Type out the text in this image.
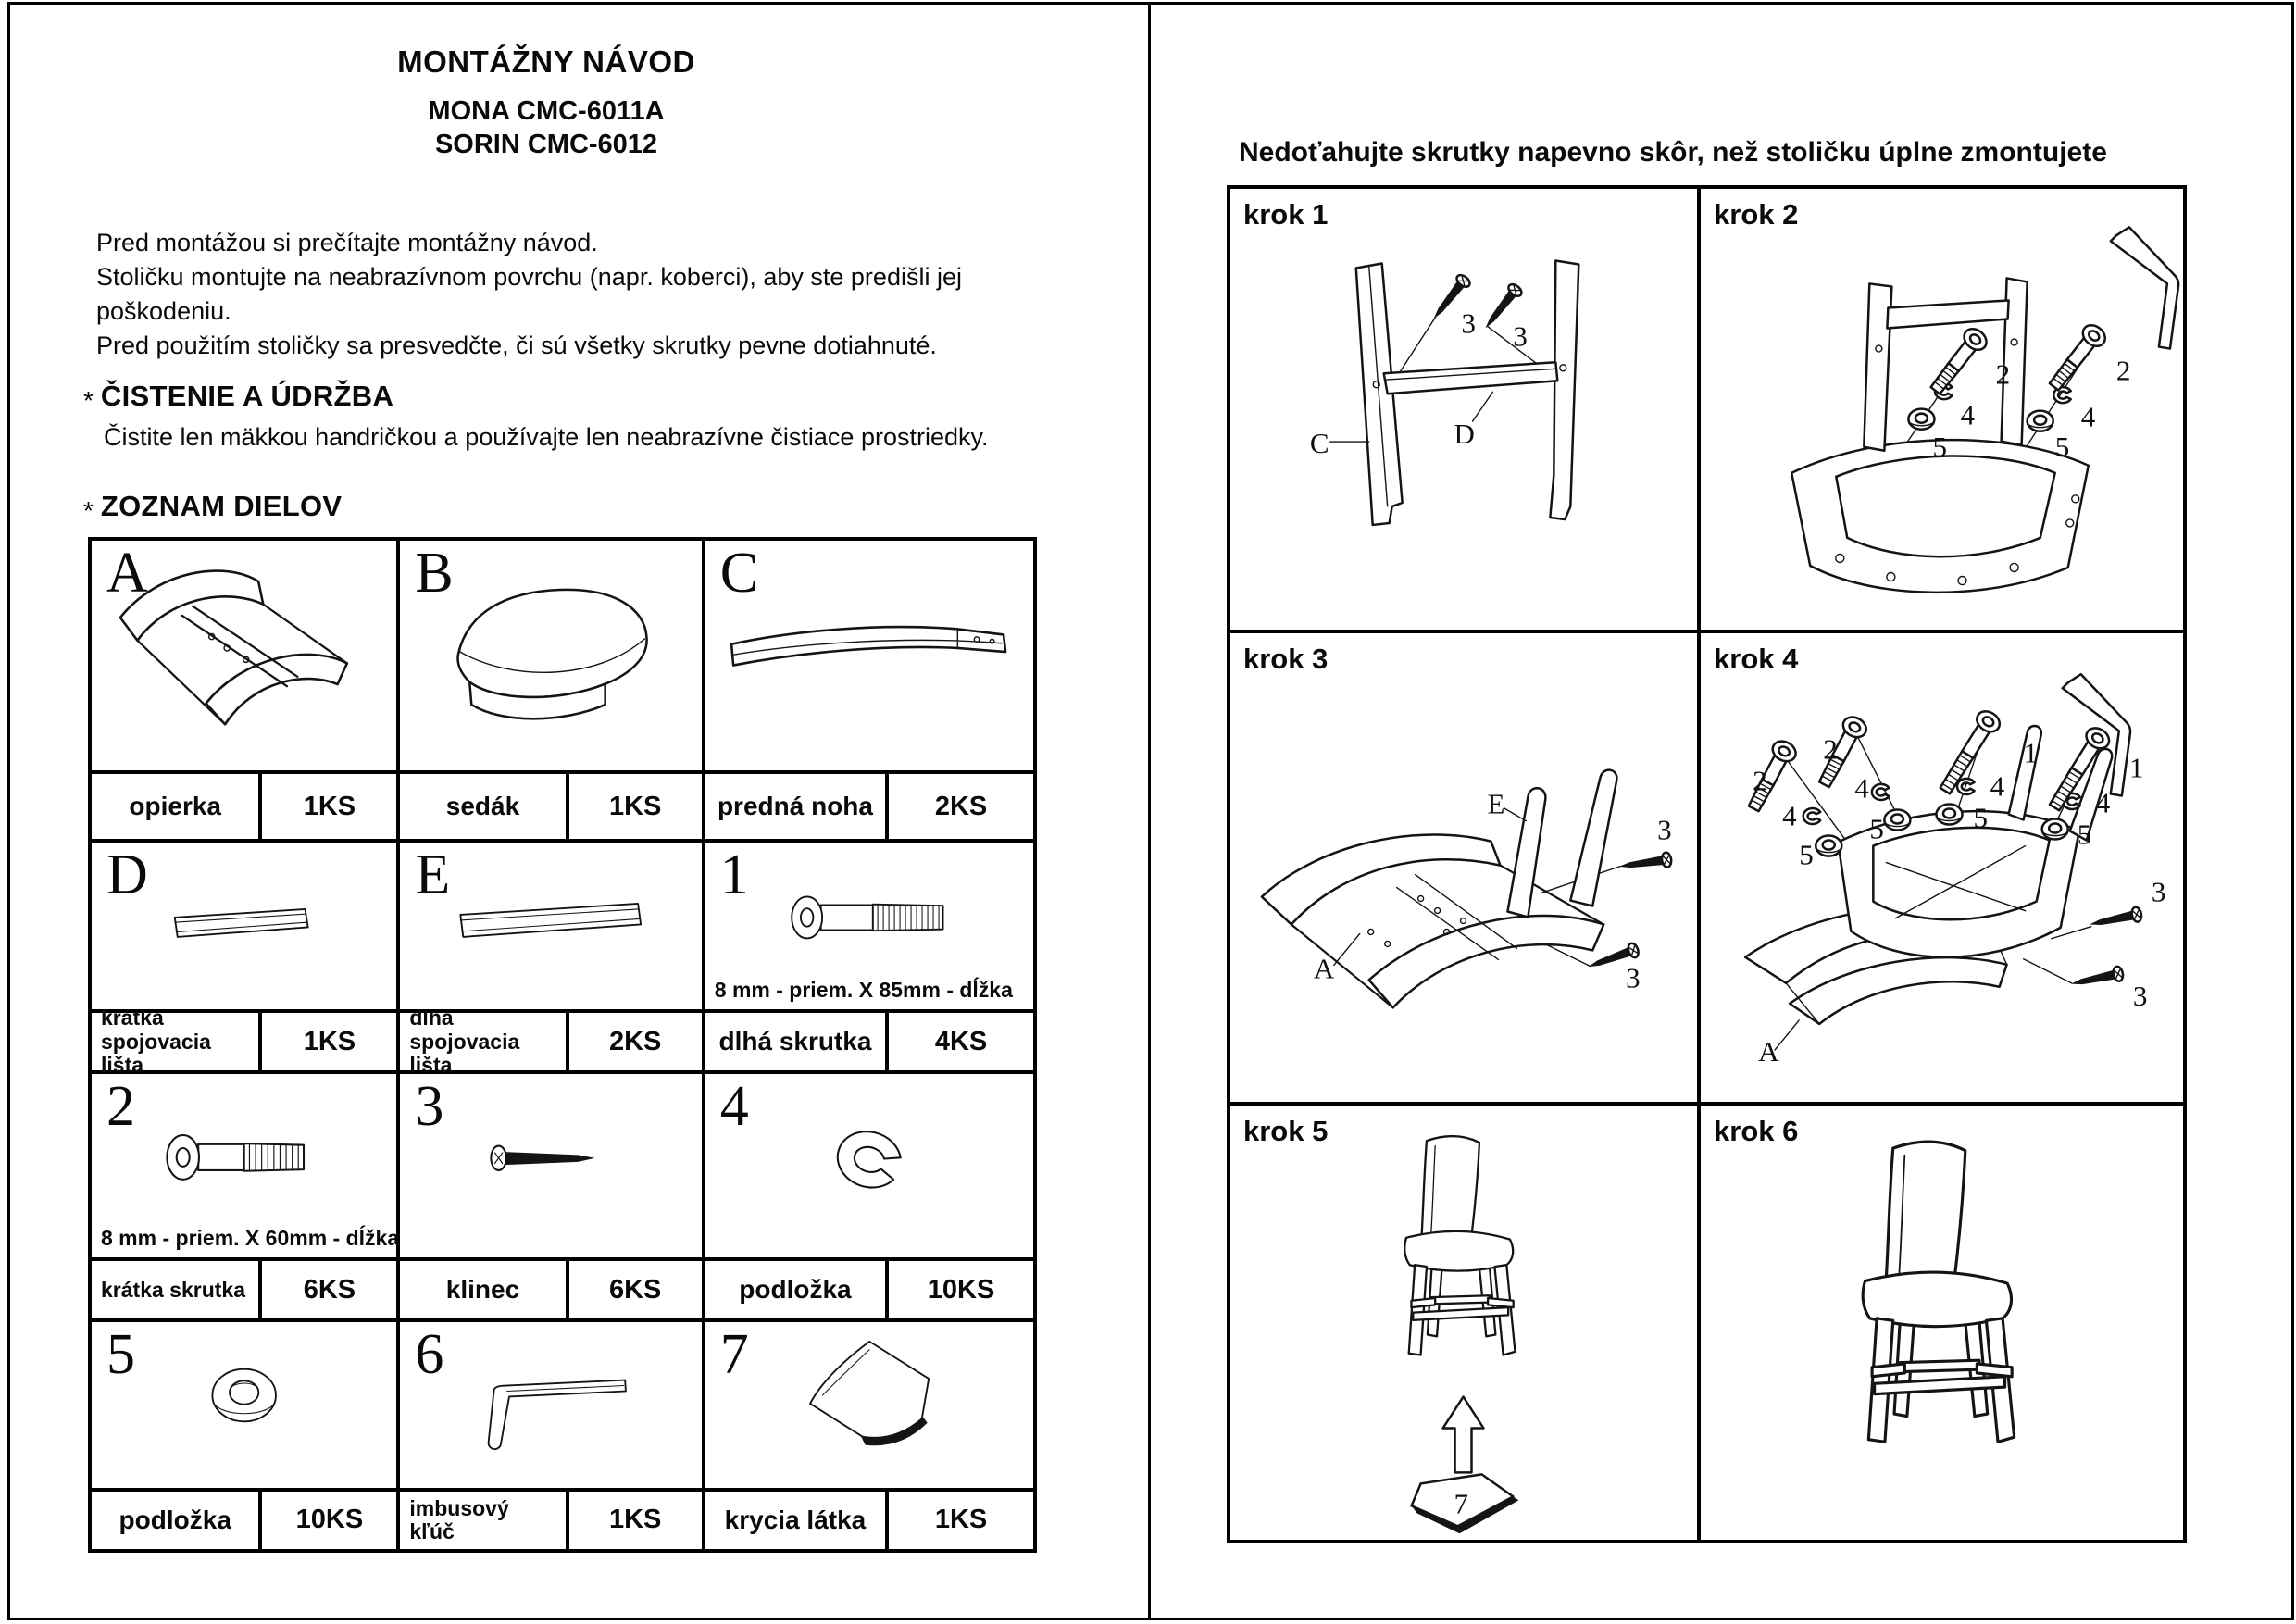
MONTÁŽNY NÁVOD
MONA CMC-6011A
SORIN CMC-6012
Pred montážou si prečítajte montážny návod.
Stoličku montujte na neabrazívnom povrchu (napr. koberci), aby ste predišli jej
poškodeniu.
Pred použitím stoličky sa presvedčte, či sú všetky skrutky pevne dotiahnuté.
* ČISTENIE A ÚDRŽBA
Čistite len mäkkou handričkou a používajte len neabrazívne čistiace prostriedky.
* ZOZNAM DIELOV
A
opierka	1KS
B
sedák	1KS
C
predná noha	2KS
D
krátka spojovacia lišta
1KS
E
dlhá spojovacia lišta
2KS
1
8 mm - priem. X 85mm - dĺžka
dlhá skrutka	4KS
2
8 mm - priem. X 60mm - dĺžka
krátka skrutka	6KS
3
klinec	6KS
4
podložka	10KS
5
podložka	10KS
6
imbusový kľúč	1KS
7
krycia látka	1KS
Nedoťahujte skrutky napevno skôr, než stoličku úplne zmontujete
krok 1
3 3
C	D
krok 2
2
4
5
2
4
5
krok 3
E
A
3
3
krok 4
2
2
4
5
4
5
1
4
5
1
4
5
3
3
A
krok 5
7
krok 6
